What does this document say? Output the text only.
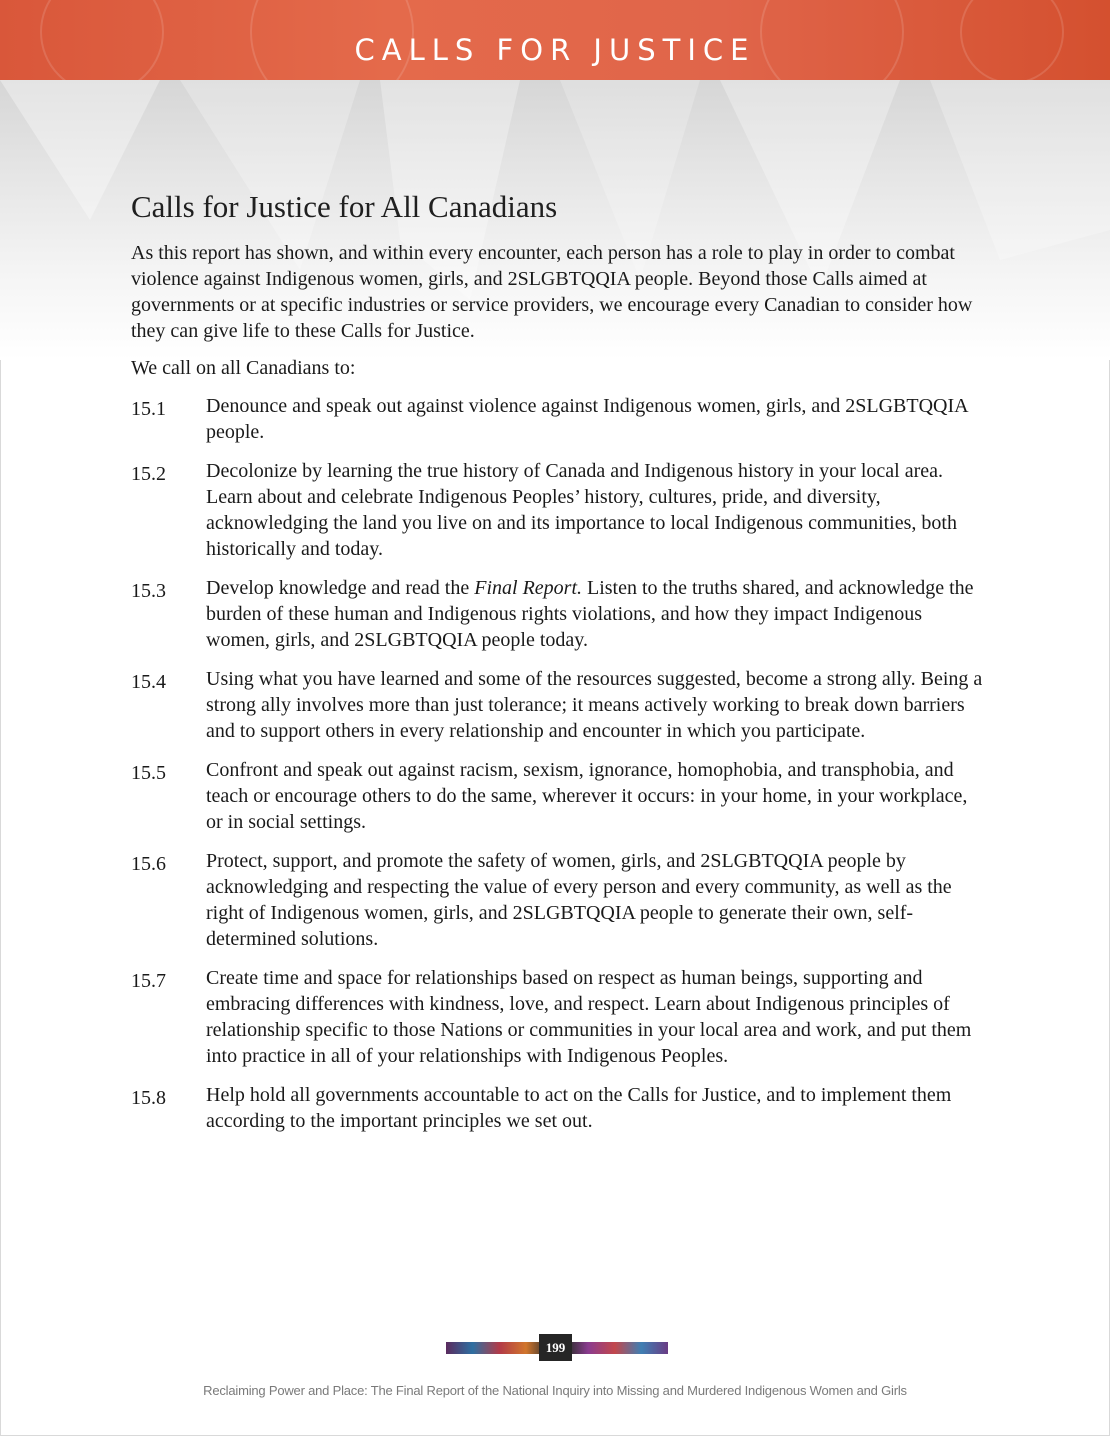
CALLS FOR JUSTICE
Calls for Justice for All Canadians

As this report has shown, and within every encounter, each person has a role to play in order to combat violence against Indigenous women, girls, and 2SLGBTQQIA people. Beyond those Calls aimed at governments or at specific industries or service providers, we encourage every Canadian to consider how they can give life to these Calls for Justice.

We call on all Canadians to:

15.1	Denounce and speak out against violence against Indigenous women, girls, and 2SLGBTQQIA people.
15.2	Decolonize by learning the true history of Canada and Indigenous history in your local area. Learn about and celebrate Indigenous Peoples’ history, cultures, pride, and diversity, acknowledging the land you live on and its importance to local Indigenous communities, both historically and today.
15.3	Develop knowledge and read the Final Report. Listen to the truths shared, and acknowledge the burden of these human and Indigenous rights violations, and how they impact Indigenous women, girls, and 2SLGBTQQIA people today.
15.4	Using what you have learned and some of the resources suggested, become a strong ally. Being a strong ally involves more than just tolerance; it means actively working to break down barriers and to support others in every relationship and encounter in which you participate.
15.5	Confront and speak out against racism, sexism, ignorance, homophobia, and transphobia, and teach or encourage others to do the same, wherever it occurs: in your home, in your workplace, or in social settings.
15.6	Protect, support, and promote the safety of women, girls, and 2SLGBTQQIA people by acknowledging and respecting the value of every person and every community, as well as the right of Indigenous women, girls, and 2SLGBTQQIA people to generate their own, self-determined solutions.
15.7	Create time and space for relationships based on respect as human beings, supporting and embracing differences with kindness, love, and respect. Learn about Indigenous principles of relationship specific to those Nations or communities in your local area and work, and put them into practice in all of your relationships with Indigenous Peoples.
15.8	Help hold all governments accountable to act on the Calls for Justice, and to implement them according to the important principles we set out.
199
Reclaiming Power and Place: The Final Report of the National Inquiry into Missing and Murdered Indigenous Women and Girls
